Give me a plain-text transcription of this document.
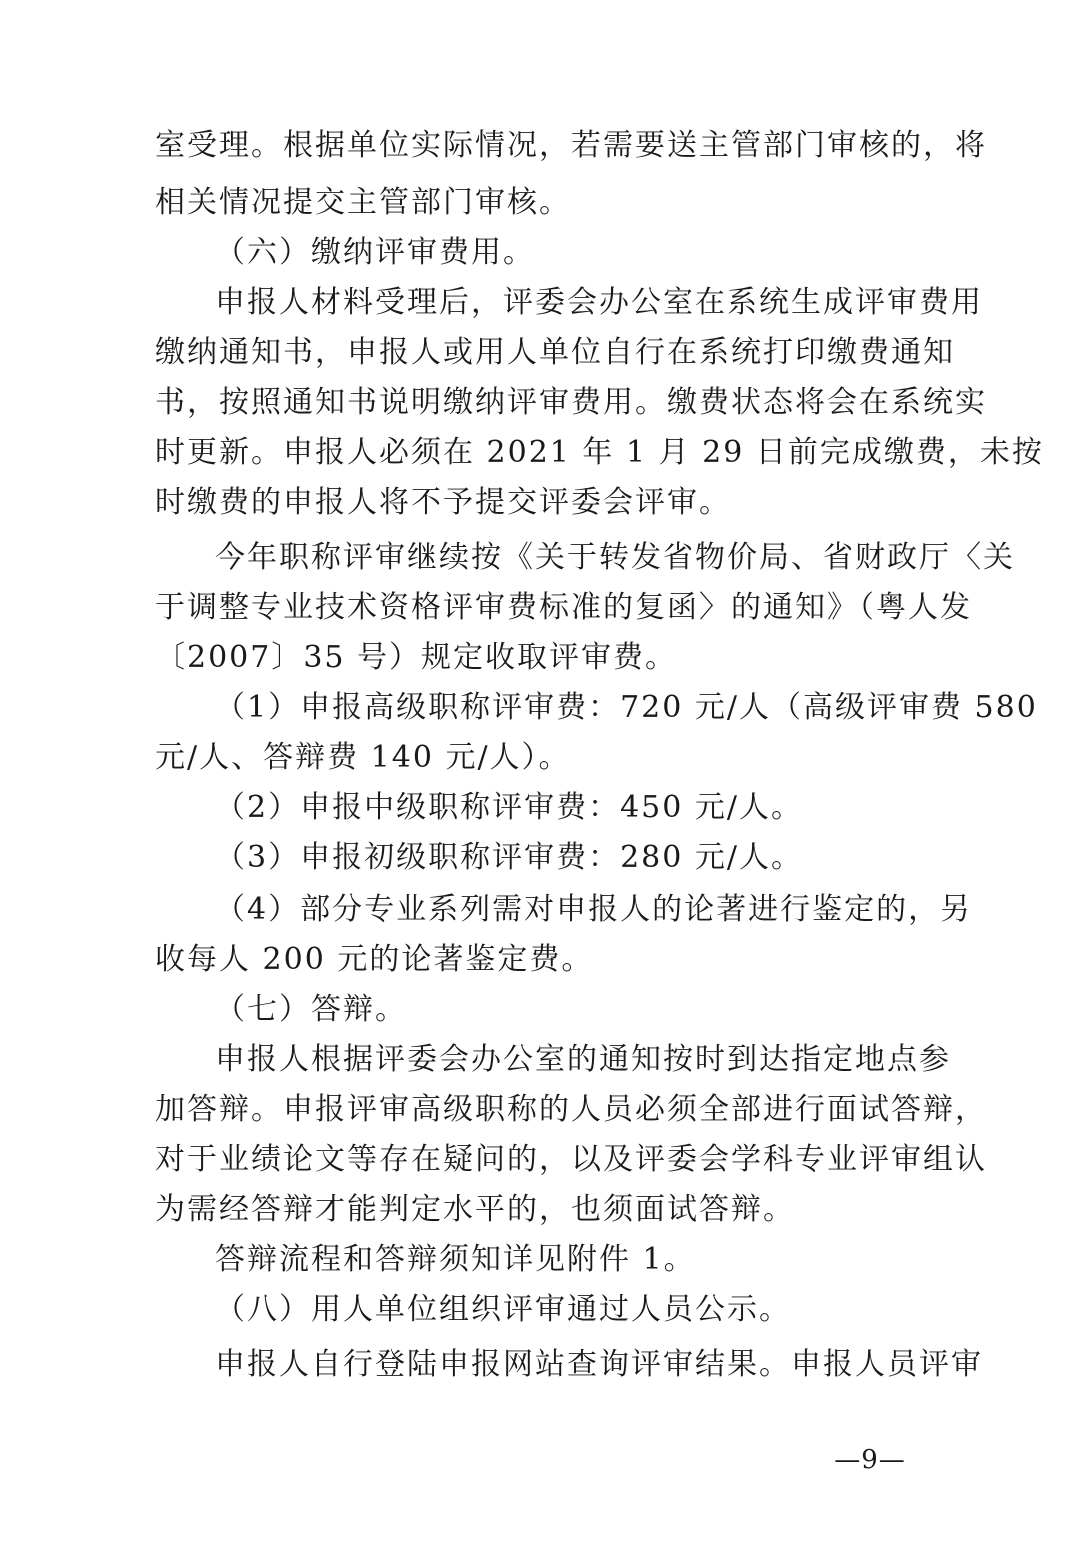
室受理。根据单位实际情况，若需要送主管部门审核的，将
相关情况提交主管部门审核。
（六）缴纳评审费用。
申报人材料受理后，评委会办公室在系统生成评审费用
缴纳通知书，申报人或用人单位自行在系统打印缴费通知
书，按照通知书说明缴纳评审费用。缴费状态将会在系统实
时更新。申报人必须在 2021 年 1 月 29 日前完成缴费，未按
时缴费的申报人将不予提交评委会评审。
今年职称评审继续按《关于转发省物价局、省财政厅〈关
于调整专业技术资格评审费标准的复函〉的通知》（粤人发
〔2007〕35 号）规定收取评审费。
（1）申报高级职称评审费：720 元/人（高级评审费 580
元/人、答辩费 140 元/人）。
（2）申报中级职称评审费：450 元/人。
（3）申报初级职称评审费：280 元/人。
（4）部分专业系列需对申报人的论著进行鉴定的，另
收每人 200 元的论著鉴定费。
（七）答辩。
申报人根据评委会办公室的通知按时到达指定地点参
加答辩。申报评审高级职称的人员必须全部进行面试答辩，
对于业绩论文等存在疑问的，以及评委会学科专业评审组认
为需经答辩才能判定水平的，也须面试答辩。
答辩流程和答辩须知详见附件 1。
（八）用人单位组织评审通过人员公示。
申报人自行登陆申报网站查询评审结果。申报人员评审
—9—
